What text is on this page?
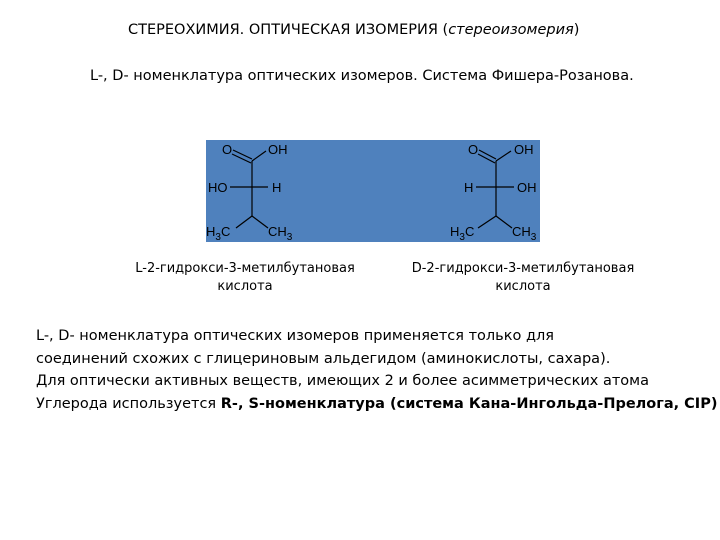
СТЕРЕОХИМИЯ. ОПТИЧЕСКАЯ ИЗОМЕРИЯ (стереоизомерия)
L-, D- номенклатура оптических изомеров. Система Фишера-Розанова.
O	OH
HO	H
$H_3C$	$CH_3$
O	OH
H	OH
$H_3C$	$CH_3$
L-2-гидрокси-3-метилбутановая
кислота
D-2-гидрокси-3-метилбутановая
кислота
L-, D- номенклатура оптических изомеров применяется только для
соединений схожих с глицериновым альдегидом (аминокислоты, сахара).
Для оптически активных веществ, имеющих 2 и более асимметрических атома
Углерода используется R-, S-номенклатура (система Кана-Ингольда-Прелога, CIP)
